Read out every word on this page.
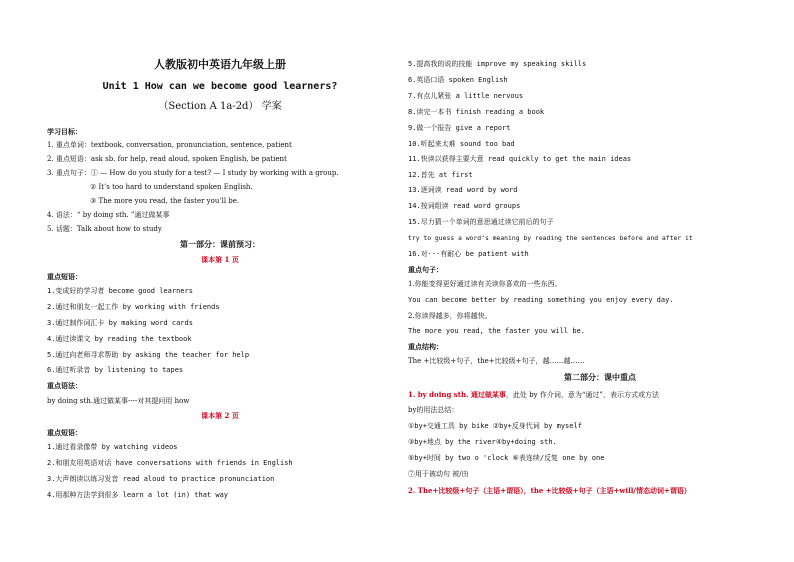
人教版初中英语九年级上册
Unit 1 How can we become good learners?
（Section A 1a-2d） 学案
学习目标：
1. 重点单词：textbook, conversation, pronunciation, sentence, patient
2. 重点短语：ask sb. for help, read aloud, spoken English, be patient
3. 重点句子：① — How do you study for a test? — I study by working with a group.
② It’s too hard to understand spoken English.
③ The more you read, the faster you’ll be.
4. 语法：“ by doing sth. ”通过做某事
5. 话题：Talk about how to study
第一部分：课前预习：
课本第 1 页
重点短语：
1.变成好的学习者 become good learners
2.通过和朋友一起工作 by working with friends
3.通过制作词汇卡 by making word cards
4.通过读课文 by reading the textbook
5.通过向老师寻求帮助 by asking the teacher for help
6.通过听录音 by listening to tapes
重点语法：
by doing sth.通过做某事----对其提问用 how
课本第 2 页
重点短语：
1.通过看录像带 by watching videos
2.和朋友用英语对话 have conversations with friends in English
3.大声朗读以练习发音 read aloud to practice pronunciation
4.用那种方法学到很多 learn a lot (in) that way
5.提高我的说的技能 improve my speaking skills
6.英语口语 spoken English
7.有点儿紧张 a little nervous
8.读完一本书 finish reading a book
9.做一个报告 give a report
10.听起来太难 sound too bad
11.快读以获得主要大意 read quickly to get the main ideas
12.首先 at first
13.逐词读 read word by word
14.按词组读 read word groups
15.尽力猜一个单词的意思通过读它前后的句子
try to guess a word’s meaning by reading the sentences before and after it
16.对···有耐心 be patient with
重点句子：
1.你能变得更好通过读有关读你喜欢的一些东西。
You can become better by reading something you enjoy every day.
2.你读得越多，你将越快。
The more you read, the faster you will be.
重点结构：
The +比较级+句子，the+比较级+句子，越……越……
第二部分：课中重点
1. by doing sth. 通过做某事，此处 by 作介词，意为“通过”，表示方式或方法
by的用法总结：
①by+交通工具 by bike ②by+反身代词 by myself
③by+地点 by the river④by+doing sth.
⑤by+时间 by two o 'clock ⑥表连续/反复 one by one
⑦用于被动句 被/由
2. The+比较级+句子（主语+谓语），the +比较级+句子（主语+will/情态动词+谓语）
